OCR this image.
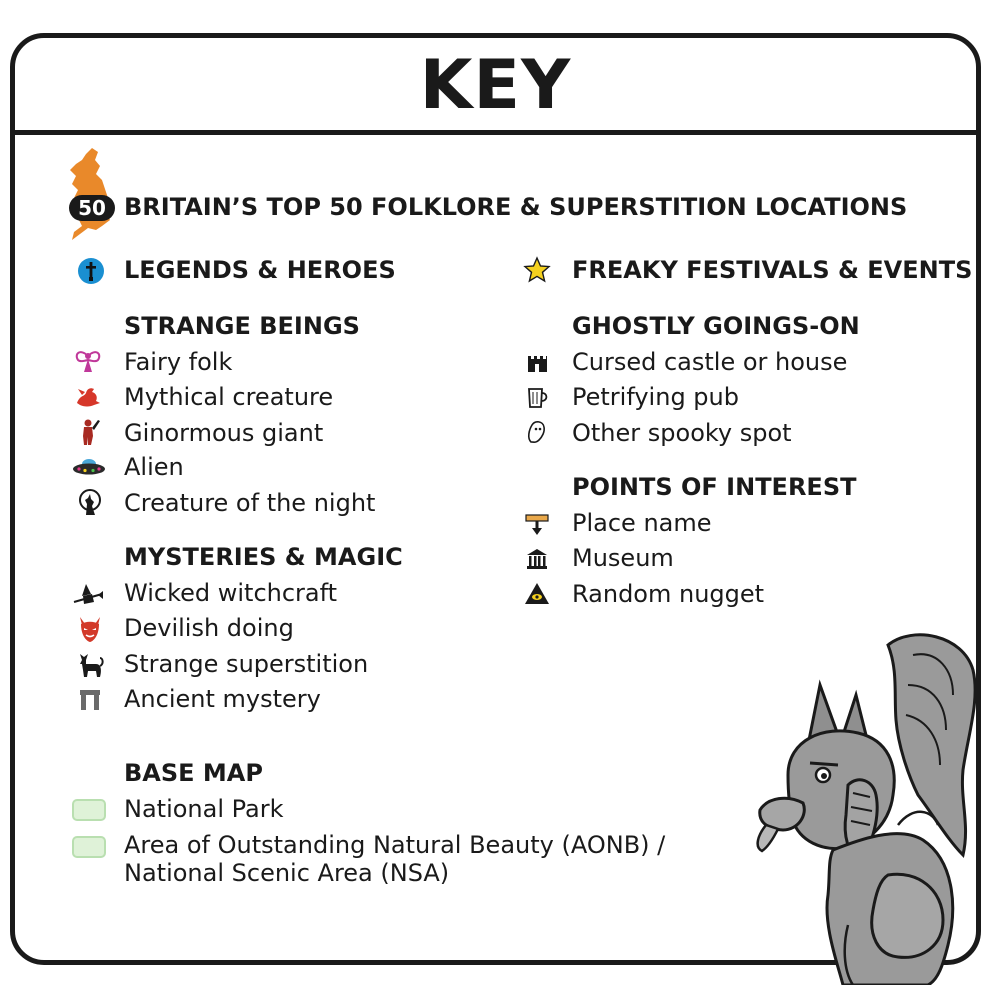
KEY
50 BRITAIN’S TOP 50 FOLKLORE & SUPERSTITION LOCATIONS
LEGENDS & HEROES
STRANGE BEINGS
Fairy folk
Mythical creature
Ginormous giant
Alien
Creature of the night
MYSTERIES & MAGIC
Wicked witchcraft
Devilish doing
Strange superstition
Ancient mystery
BASE MAP
National Park
Area of Outstanding Natural Beauty (AONB) /
National Scenic Area (NSA)
FREAKY FESTIVALS & EVENTS
GHOSTLY GOINGS-ON
Cursed castle or house
Petrifying pub
Other spooky spot
POINTS OF INTEREST
Place name
Museum
Random nugget
